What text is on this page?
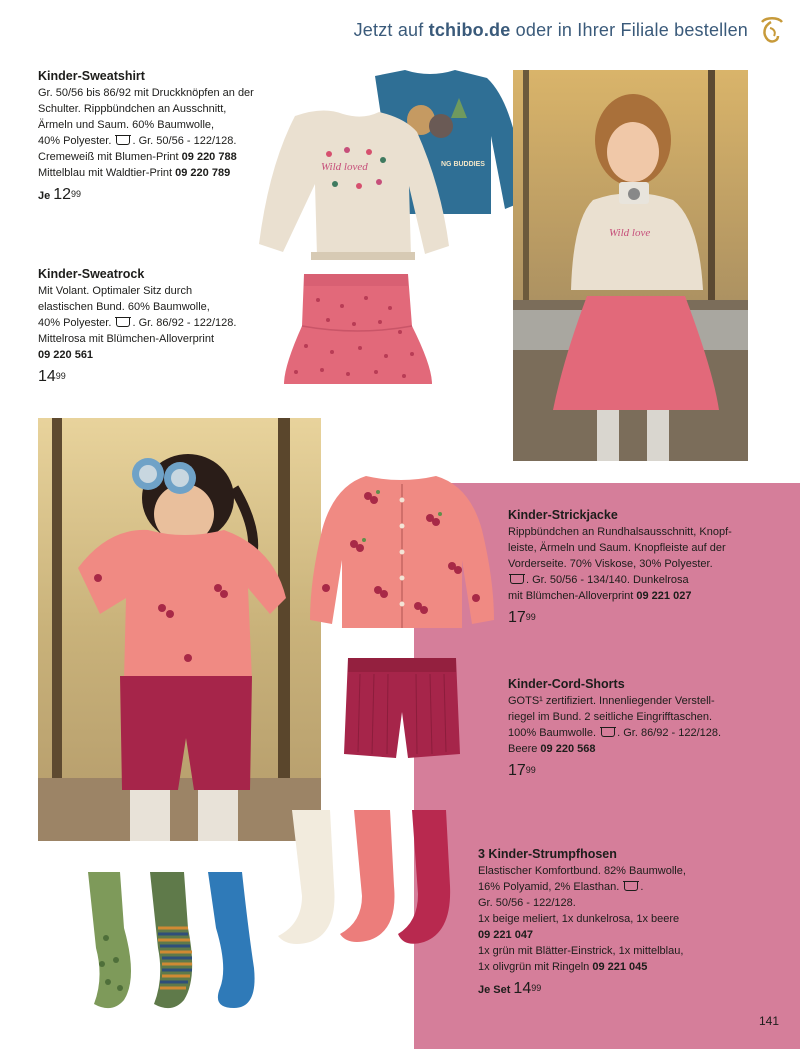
Jetzt auf tchibo.de oder in Ihrer Filiale bestellen
Kinder-Sweatshirt
Gr. 50/56 bis 86/92 mit Druckknöpfen an der
Schulter. Rippbündchen an Ausschnitt,
Ärmeln und Saum. 60% Baumwolle,
40% Polyester. . Gr. 50/56 - 122/128.
Cremeweiß mit Blumen-Print 09 220 788
Mittelblau mit Waldtier-Print 09 220 789
Je $12^{99}$
Kinder-Sweatrock
Mit Volant. Optimaler Sitz durch
elastischen Bund. 60% Baumwolle,
40% Polyester. . Gr. 86/92 - 122/128.
Mittelrosa mit Blümchen-Alloverprint
09 220 561
$14^{99}$
NG BUDDIES
Wild loved
Wild love
Kinder-Strickjacke
Rippbündchen an Rundhalsausschnitt, Knopf-
leiste, Ärmeln und Saum. Knopfleiste auf der
Vorderseite. 70% Viskose, 30% Polyester.
. Gr. 50/56 - 134/140. Dunkelrosa
mit Blümchen-Alloverprint 09 221 027
$17^{99}$
Kinder-Cord-Shorts
GOTS¹ zertifiziert. Innenliegender Verstell-
riegel im Bund. 2 seitliche Eingrifftaschen.
100% Baumwolle. . Gr. 86/92 - 122/128.
Beere 09 220 568
$17^{99}$
3 Kinder-Strumpfhosen
Elastischer Komfortbund. 82% Baumwolle,
16% Polyamid, 2% Elasthan. .
Gr. 50/56 - 122/128.
1x beige meliert, 1x dunkelrosa, 1x beere
09 221 047
1x grün mit Blätter-Einstrick, 1x mittelblau,
1x olivgrün mit Ringeln 09 221 045
Je Set $14^{99}$
141
